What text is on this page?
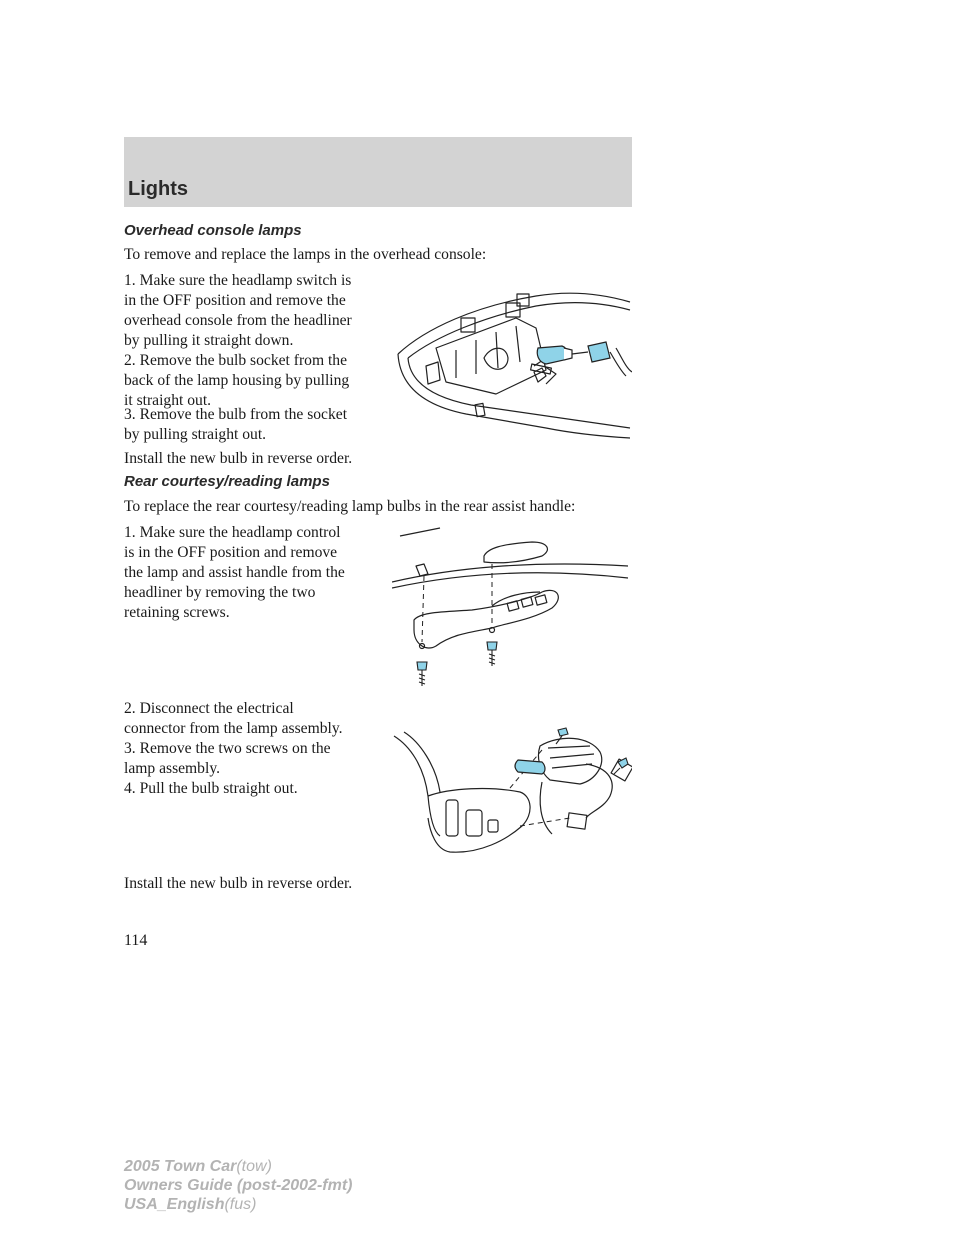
Lights
Overhead console lamps

To remove and replace the lamps in the overhead console:

1. Make sure the headlamp switch is
in the OFF position and remove the
overhead console from the headliner
by pulling it straight down.

2. Remove the bulb socket from the
back of the lamp housing by pulling
it straight out.

3. Remove the bulb from the socket
by pulling straight out.

Install the new bulb in reverse order.

Rear courtesy/reading lamps

To replace the rear courtesy/reading lamp bulbs in the rear assist handle:

1. Make sure the headlamp control
is in the OFF position and remove
the lamp and assist handle from the
headliner by removing the two
retaining screws.

2. Disconnect the electrical
connector from the lamp assembly.

3. Remove the two screws on the
lamp assembly.

4. Pull the bulb straight out.

Install the new bulb in reverse order.

114

2005 Town Car(tow)
Owners Guide (post-2002-fmt)
USA_English(fus)
